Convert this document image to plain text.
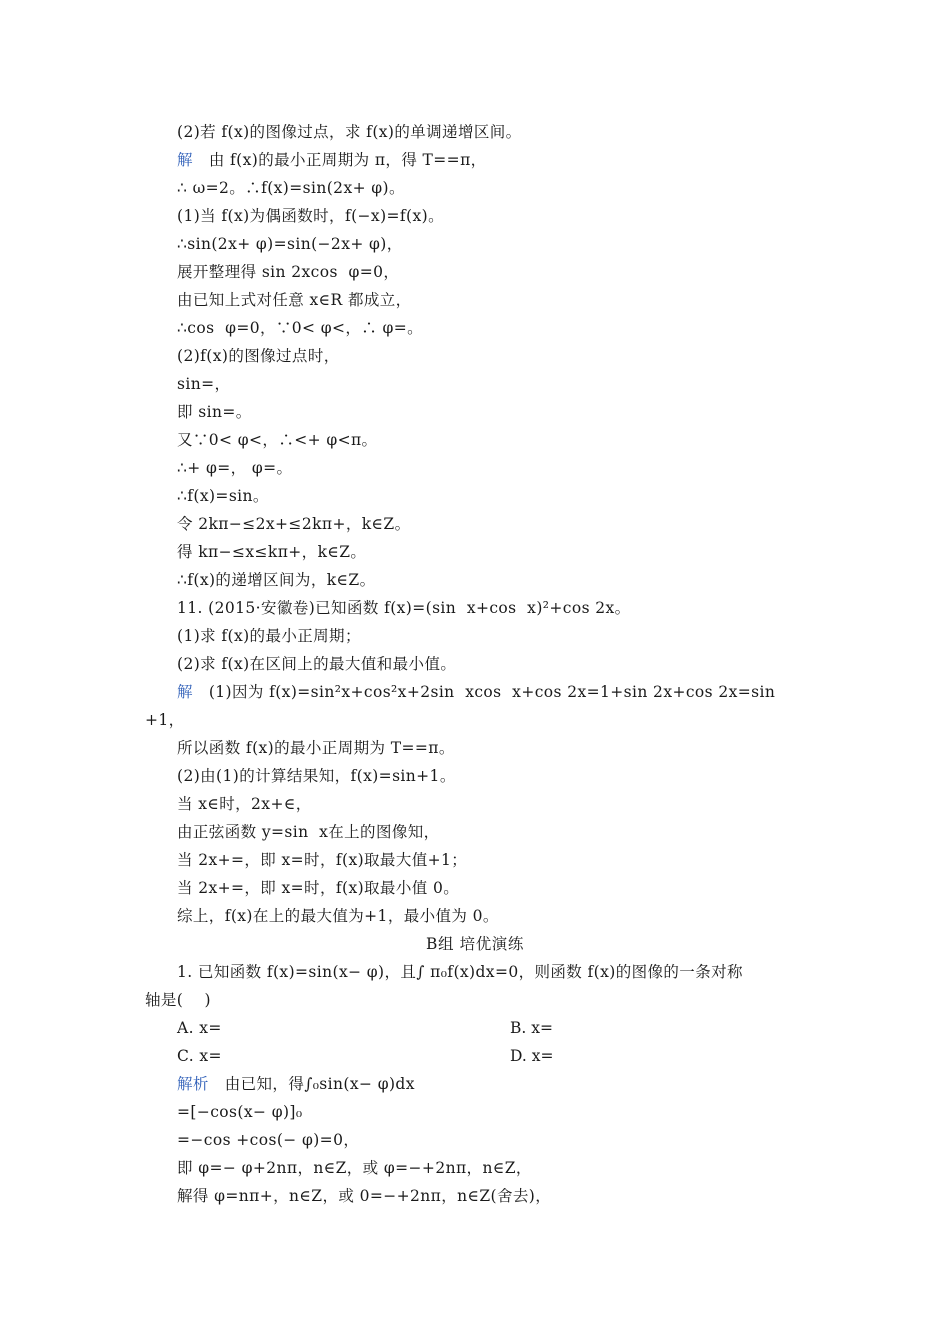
(2)若 f(x)的图像过点，求 f(x)的单调递增区间。
解　 由 f(x)的最小正周期为 π，得 T==π，
∴ ω=2。∴f(x)=sin(2x+ φ)。
(1)当 f(x)为偶函数时，f(−x)=f(x)。
∴sin(2x+ φ)=sin(−2x+ φ)，
展开整理得 sin 2xcos  φ=0，
由已知上式对任意 x∈R 都成立，
∴cos  φ=0，∵0< φ<，∴ φ=。
(2)f(x)的图像过点时，
sin=，
即 sin=。
又∵0< φ<，∴<+ φ<π。
∴+ φ=， φ=。
∴f(x)=sin。
令 2kπ−≤2x+≤2kπ+，k∈Z。
得 kπ−≤x≤kπ+，k∈Z。
∴f(x)的递增区间为，k∈Z。
11. (2015·安徽卷)已知函数 f(x)=(sin  x+cos  x)²+cos 2x。
(1)求 f(x)的最小正周期；
(2)求 f(x)在区间上的最大值和最小值。
解　 (1)因为 f(x)=sin²x+cos²x+2sin  xcos  x+cos 2x=1+sin 2x+cos 2x=sin
+1，
所以函数 f(x)的最小正周期为 T==π。
(2)由(1)的计算结果知，f(x)=sin+1。
当 x∈时，2x+∈，
由正弦函数 y=sin  x在上的图像知，
当 2x+=，即 x=时，f(x)取最大值+1；
当 2x+=，即 x=时，f(x)取最小值 0。
综上，f(x)在上的最大值为+1，最小值为 0。
B组 培优演练
1. 已知函数 f(x)=sin(x− φ)，且∫ π₀f(x)dx=0，则函数 f(x)的图像的一条对称
轴是(    )
A. x=	B. x=
C. x=	D. x=
解析　 由已知，得∫₀sin(x− φ)dx
=[−cos(x− φ)]₀
=−cos +cos(− φ)=0，
即 φ=− φ+2nπ，n∈Z，或 φ=−+2nπ，n∈Z，
解得 φ=nπ+，n∈Z，或 0=−+2nπ，n∈Z(舍去)，
